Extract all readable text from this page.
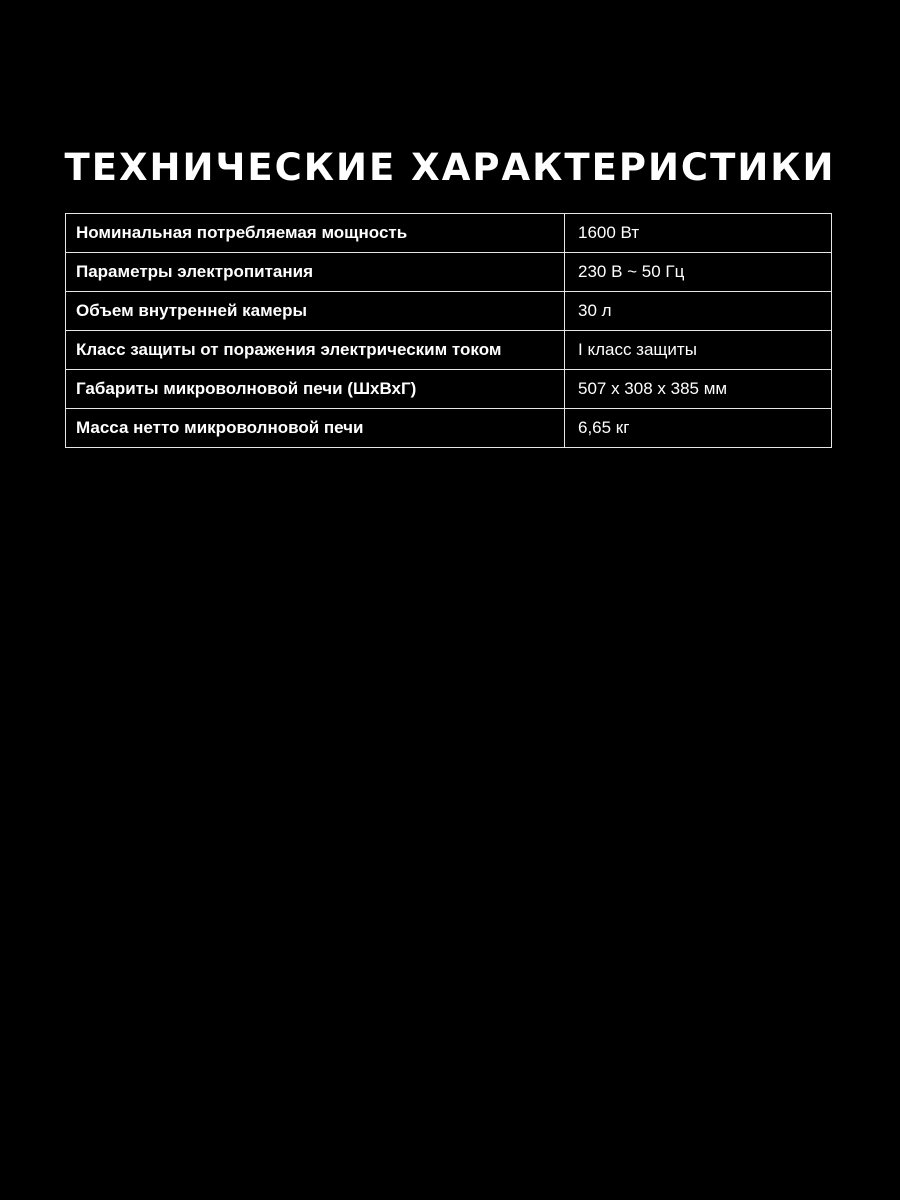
ТЕХНИЧЕСКИЕ ХАРАКТЕРИСТИКИ
Номинальная потребляемая мощность	1600 Вт
Параметры электропитания	230 В ~ 50 Гц
Объем внутренней камеры	30 л
Класс защиты от поражения электрическим током	I класс защиты
Габариты микроволновой печи (ШхВхГ)	507 x 308 x 385 мм
Масса нетто микроволновой печи	6,65 кг
